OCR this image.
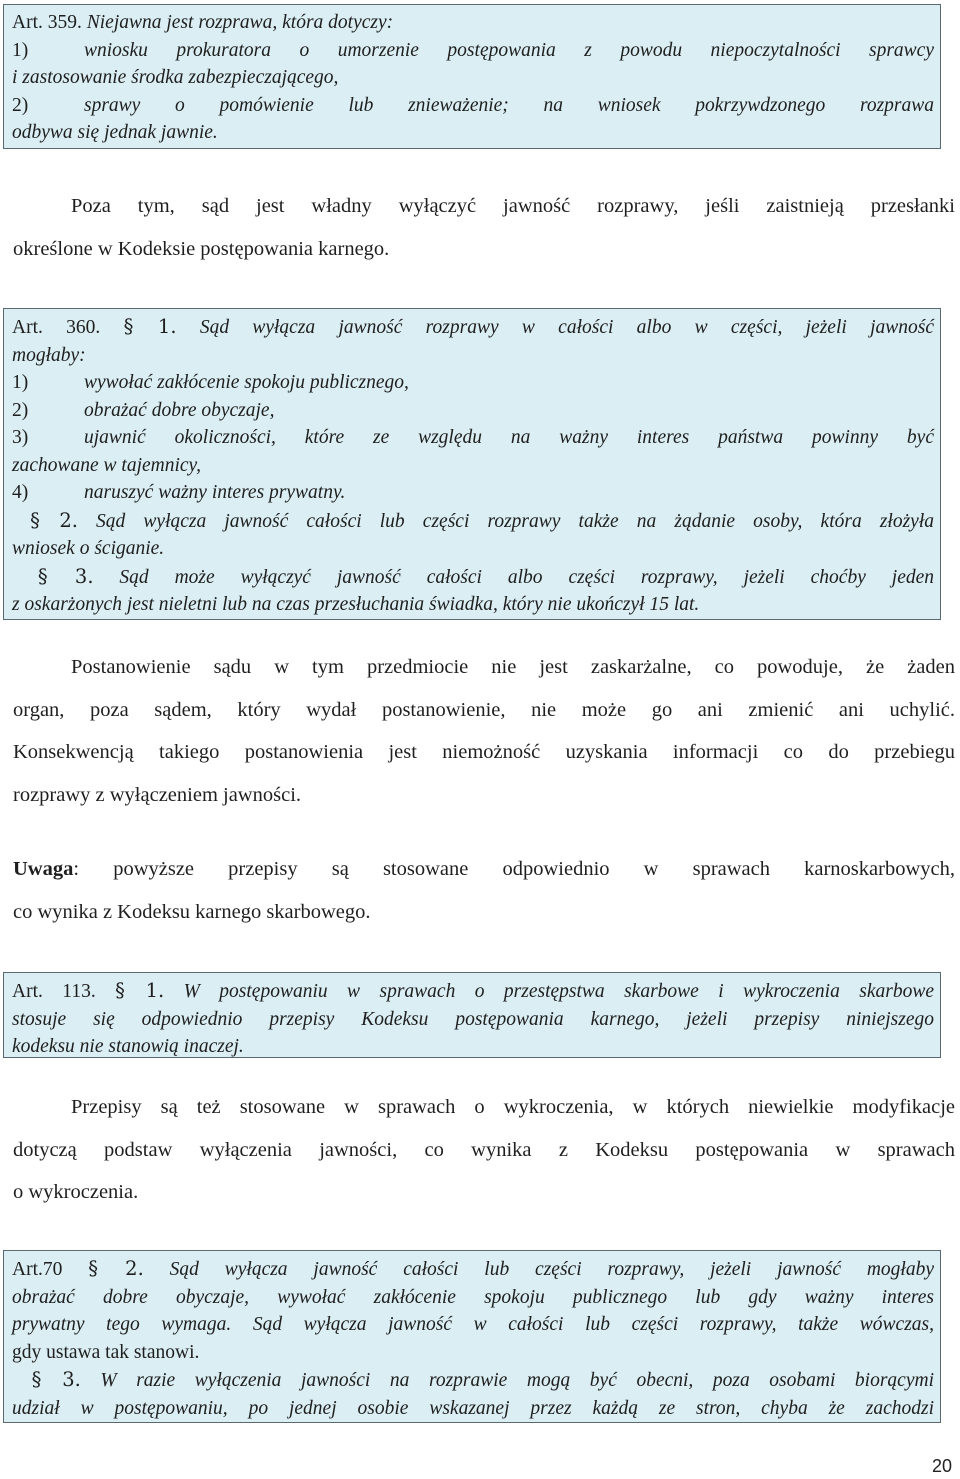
Art. 359. Niejawna jest rozprawa, która dotyczy:
1)	wniosku prokuratora o umorzenie postępowania z powodu niepoczytalności sprawcy
i zastosowanie środka zabezpieczającego,
2)	sprawy o pomówienie lub znieważenie; na wniosek pokrzywdzonego rozprawa
odbywa się jednak jawnie.
Poza tym, sąd jest władny wyłączyć jawność rozprawy, jeśli zaistnieją przesłanki
określone w Kodeksie postępowania karnego.
Art. 360. § 1. Sąd wyłącza jawność rozprawy w całości albo w części, jeżeli jawność
mogłaby:
1)	wywołać zakłócenie spokoju publicznego,
2)	obrażać dobre obyczaje,
3)	ujawnić okoliczności, które ze względu na ważny interes państwa powinny być
zachowane w tajemnicy,
4)	naruszyć ważny interes prywatny.
§ 2. Sąd wyłącza jawność całości lub części rozprawy także na żądanie osoby, która złożyła
wniosek o ściganie.
§ 3. Sąd może wyłączyć jawność całości albo części rozprawy, jeżeli choćby jeden
z oskarżonych jest nieletni lub na czas przesłuchania świadka, który nie ukończył 15 lat.
Postanowienie sądu w tym przedmiocie nie jest zaskarżalne, co powoduje, że żaden
organ, poza sądem, który wydał postanowienie, nie może go ani zmienić ani uchylić.
Konsekwencją takiego postanowienia jest niemożność uzyskania informacji co do przebiegu
rozprawy z wyłączeniem jawności.
Uwaga: powyższe przepisy są stosowane odpowiednio w sprawach karnoskarbowych,
co wynika z Kodeksu karnego skarbowego.
Art. 113. § 1. W postępowaniu w sprawach o przestępstwa skarbowe i wykroczenia skarbowe
stosuje się odpowiednio przepisy Kodeksu postępowania karnego, jeżeli przepisy niniejszego
kodeksu nie stanowią inaczej.
Przepisy są też stosowane w sprawach o wykroczenia, w których niewielkie modyfikacje
dotyczą podstaw wyłączenia jawności, co wynika z Kodeksu postępowania w sprawach
o wykroczenia.
Art.70 § 2. Sąd wyłącza jawność całości lub części rozprawy, jeżeli jawność mogłaby
obrażać dobre obyczaje, wywołać zakłócenie spokoju publicznego lub gdy ważny interes
prywatny tego wymaga. Sąd wyłącza jawność w całości lub części rozprawy, także wówczas,
gdy ustawa tak stanowi.
§ 3. W razie wyłączenia jawności na rozprawie mogą być obecni, poza osobami biorącymi
udział w postępowaniu, po jednej osobie wskazanej przez każdą ze stron, chyba że zachodzi
20
